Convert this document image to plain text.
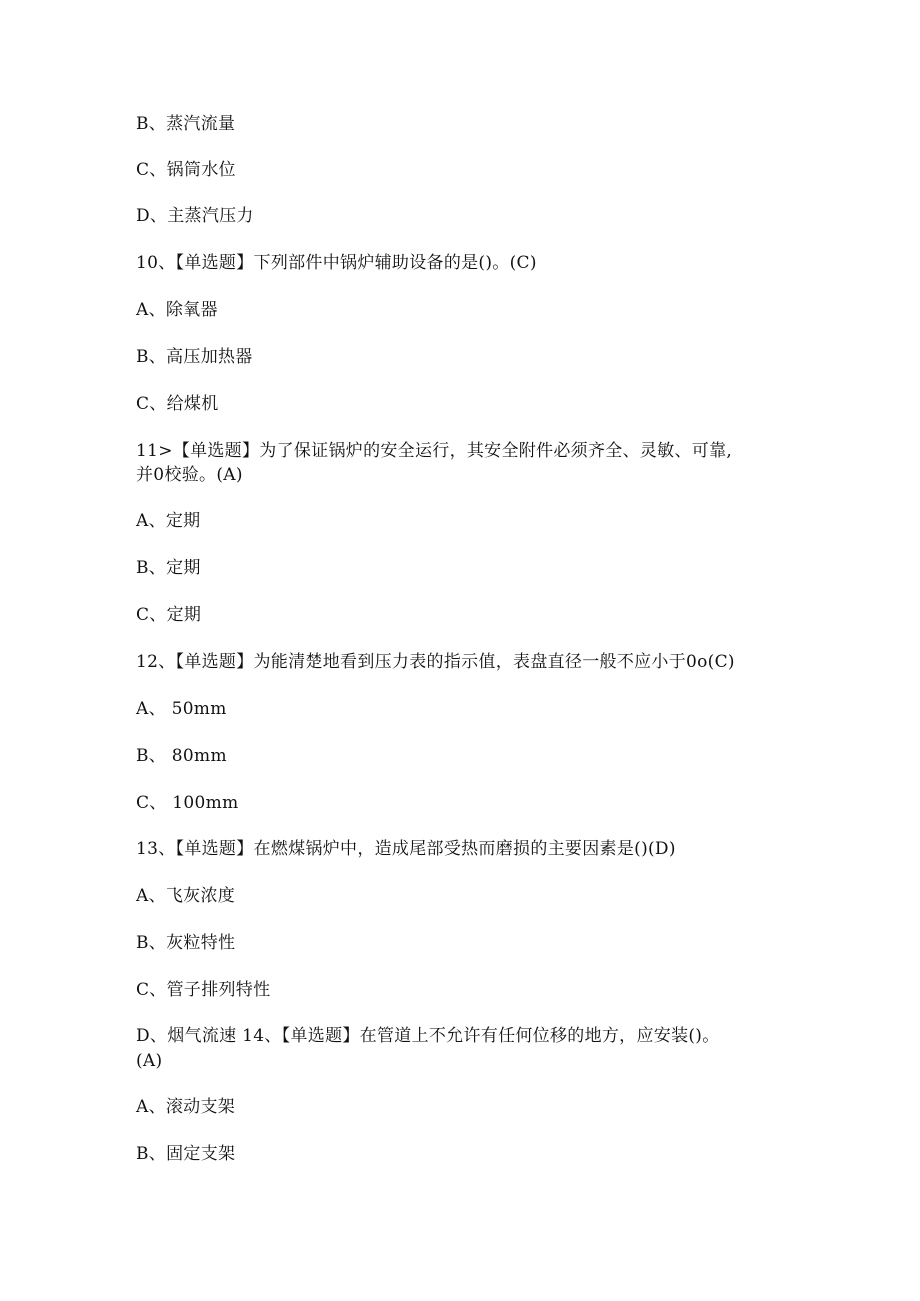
B、蒸汽流量
C、锅筒水位
D、主蒸汽压力
10、【单选题】下列部件中锅炉辅助设备的是()。(C)
A、除氧器
B、高压加热器
C、给煤机
11>【单选题】为了保证锅炉的安全运行，其安全附件必须齐全、灵敏、可靠,
并0校验。(A)
A、定期
B、定期
C、定期
12、【单选题】为能清楚地看到压力表的指示值，表盘直径一般不应小于0o(C)
A、 50mm
B、 80mm
C、 100mm
13、【单选题】在燃煤锅炉中，造成尾部受热而磨损的主要因素是()(D)
A、飞灰浓度
B、灰粒特性
C、管子排列特性
D、烟气流速 14、【单选题】在管道上不允许有任何位移的地方，应安装()。
(A)
A、滚动支架
B、固定支架
